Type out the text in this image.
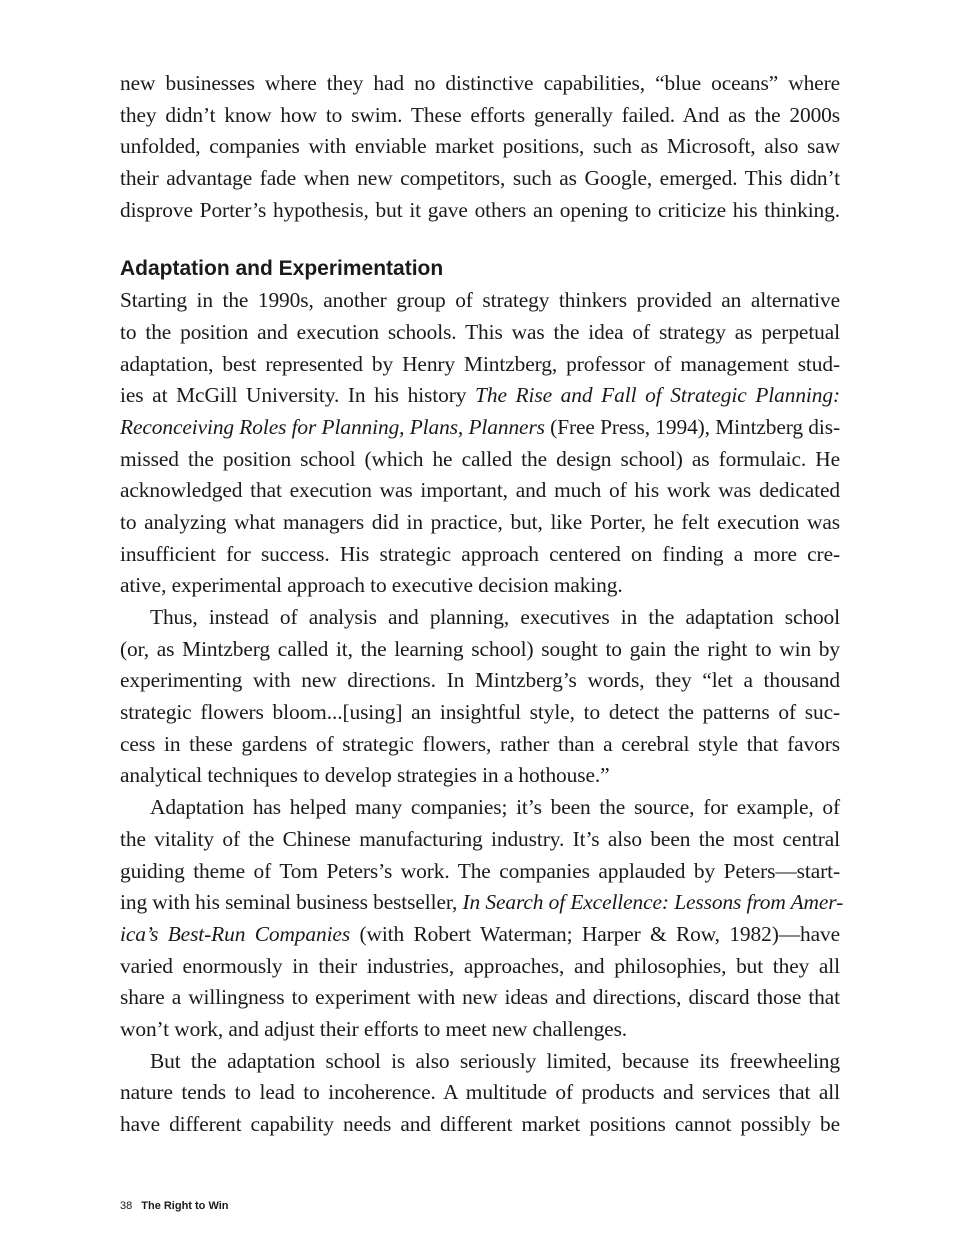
new businesses where they had no distinctive capabilities, “blue oceans” where
they didn’t know how to swim. These efforts generally failed. And as the 2000s
unfolded, companies with enviable market positions, such as Microsoft, also saw
their advantage fade when new competitors, such as Google, emerged. This didn’t
disprove Porter’s hypothesis, but it gave others an opening to criticize his thinking.
Adaptation and Experimentation
Starting in the 1990s, another group of strategy thinkers provided an alternative
to the position and execution schools. This was the idea of strategy as perpetual
adaptation, best represented by Henry Mintzberg, professor of management stud-
ies at McGill University. In his history The Rise and Fall of Strategic Planning:
Reconceiving Roles for Planning, Plans, Planners (Free Press, 1994), Mintzberg dis-
missed the position school (which he called the design school) as formulaic. He
acknowledged that execution was important, and much of his work was dedicated
to analyzing what managers did in practice, but, like Porter, he felt execution was
insufficient for success. His strategic approach centered on finding a more cre-
ative, experimental approach to executive decision making.
Thus, instead of analysis and planning, executives in the adaptation school
(or, as Mintzberg called it, the learning school) sought to gain the right to win by
experimenting with new directions. In Mintzberg’s words, they “let a thousand
strategic flowers bloom...[using] an insightful style, to detect the patterns of suc-
cess in these gardens of strategic flowers, rather than a cerebral style that favors
analytical techniques to develop strategies in a hothouse.”
Adaptation has helped many companies; it’s been the source, for example, of
the vitality of the Chinese manufacturing industry. It’s also been the most central
guiding theme of Tom Peters’s work. The companies applauded by Peters—start-
ing with his seminal business bestseller, In Search of Excellence: Lessons from Amer-
ica’s Best-Run Companies (with Robert Waterman; Harper & Row, 1982)—have
varied enormously in their industries, approaches, and philosophies, but they all
share a willingness to experiment with new ideas and directions, discard those that
won’t work, and adjust their efforts to meet new challenges.
But the adaptation school is also seriously limited, because its freewheeling
nature tends to lead to incoherence. A multitude of products and services that all
have different capability needs and different market positions cannot possibly be
38 The Right to Win
